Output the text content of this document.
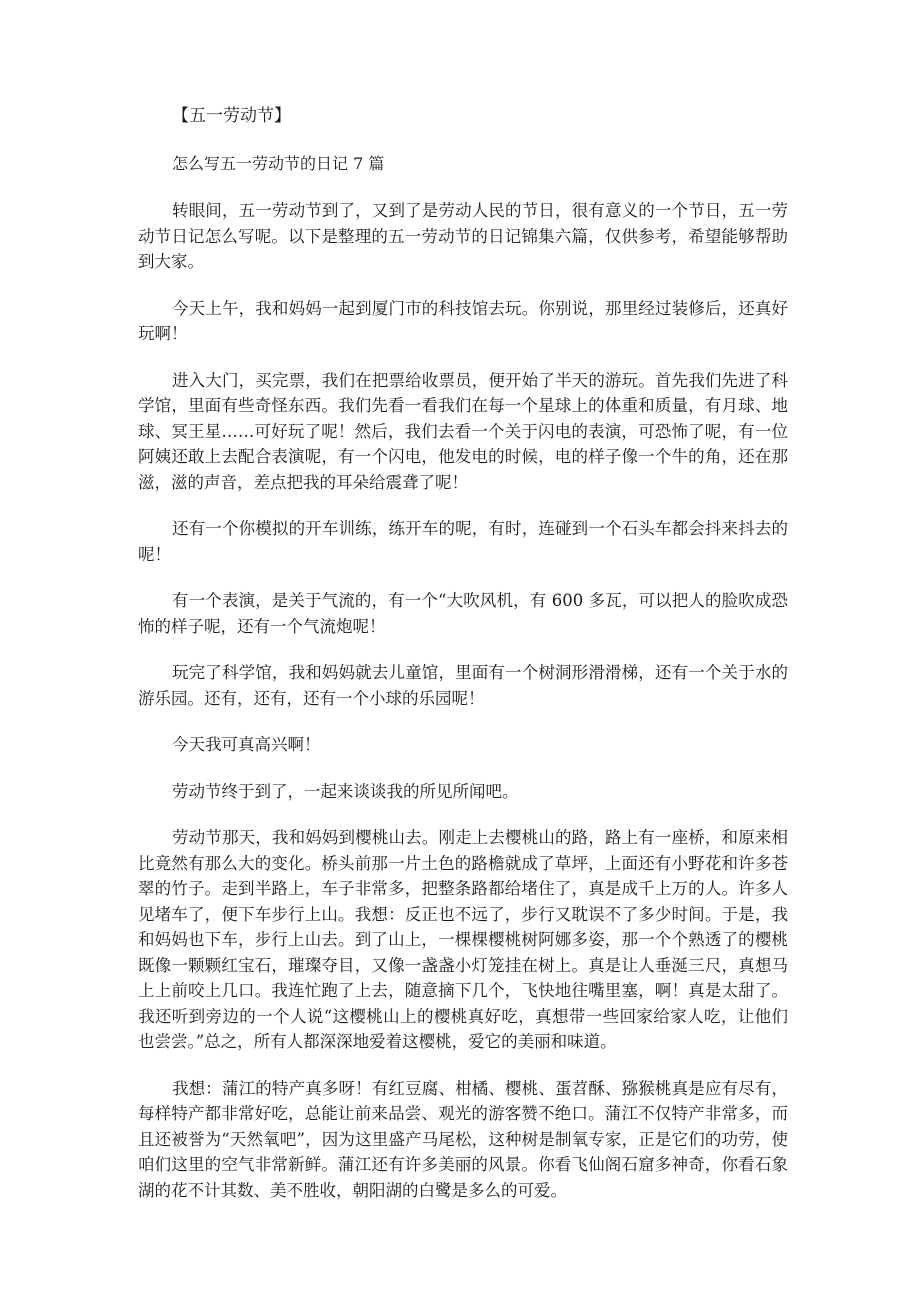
【五一劳动节】
怎么写五一劳动节的日记 7 篇

转眼间，五一劳动节到了，又到了是劳动人民的节日，很有意义的一个节日，五一劳动节日记怎么写呢。以下是整理的五一劳动节的日记锦集六篇，仅供参考，希望能够帮助到大家。

今天上午，我和妈妈一起到厦门市的科技馆去玩。你别说，那里经过装修后，还真好玩啊！

进入大门，买完票，我们在把票给收票员，便开始了半天的游玩。首先我们先进了科学馆，里面有些奇怪东西。我们先看一看我们在每一个星球上的体重和质量，有月球、地球、冥王星……可好玩了呢！然后，我们去看一个关于闪电的表演，可恐怖了呢，有一位阿姨还敢上去配合表演呢，有一个闪电，他发电的时候，电的样子像一个牛的角，还在那滋，滋的声音，差点把我的耳朵给震聋了呢！

还有一个你模拟的开车训练，练开车的呢，有时，连碰到一个石头车都会抖来抖去的呢！

有一个表演，是关于气流的，有一个“大吹风机，有 600 多瓦，可以把人的脸吹成恐怖的样子呢，还有一个气流炮呢！

玩完了科学馆，我和妈妈就去儿童馆，里面有一个树洞形滑滑梯，还有一个关于水的游乐园。还有，还有，还有一个小球的乐园呢！

今天我可真高兴啊！

劳动节终于到了，一起来谈谈我的所见所闻吧。

劳动节那天，我和妈妈到樱桃山去。刚走上去樱桃山的路，路上有一座桥，和原来相比竟然有那么大的变化。桥头前那一片土色的路檐就成了草坪，上面还有小野花和许多苍翠的竹子。走到半路上，车子非常多，把整条路都给堵住了，真是成千上万的人。许多人见堵车了，便下车步行上山。我想：反正也不远了，步行又耽误不了多少时间。于是，我和妈妈也下车，步行上山去。到了山上，一棵棵樱桃树阿娜多姿，那一个个熟透了的樱桃既像一颗颗红宝石，璀璨夺目，又像一盏盏小灯笼挂在树上。真是让人垂涎三尺，真想马上上前咬上几口。我连忙跑了上去，随意摘下几个，飞快地往嘴里塞，啊！真是太甜了。我还听到旁边的一个人说“这樱桃山上的樱桃真好吃，真想带一些回家给家人吃，让他们也尝尝。”总之，所有人都深深地爱着这樱桃，爱它的美丽和味道。

我想：蒲江的特产真多呀！有红豆腐、柑橘、樱桃、蛋苕酥、猕猴桃真是应有尽有，每样特产都非常好吃，总能让前来品尝、观光的游客赞不绝口。蒲江不仅特产非常多，而且还被誉为“天然氧吧”，因为这里盛产马尾松，这种树是制氧专家，正是它们的功劳，使咱们这里的空气非常新鲜。蒲江还有许多美丽的风景。你看飞仙阁石窟多神奇，你看石象湖的花不计其数、美不胜收，朝阳湖的白鹭是多么的可爱。
